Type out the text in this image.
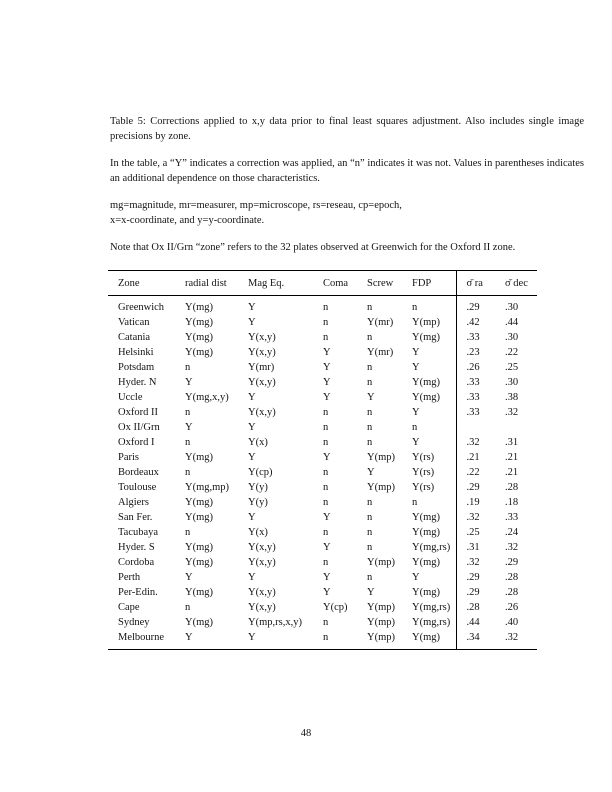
Table 5: Corrections applied to x,y data prior to final least squares adjustment. Also includes single image precisions by zone.

In the table, a “Y” indicates a correction was applied, an “n” indicates it was not. Values in parentheses indicates an additional dependence on those characteristics.

mg=magnitude, mr=measurer, mp=microscope, rs=reseau, cp=epoch,

x=x-coordinate, and y=y-coordinate.

Note that Ox II/Grn “zone” refers to the 32 plates observed at Greenwich for the Oxford II zone.

Zone	radial dist	Mag Eq.	Coma	Screw	FDP	σ̄ ra	σ̄ dec
Greenwich	Y(mg)	Y	n	n	n	.29	.30
Vatican	Y(mg)	Y	n	Y(mr)	Y(mp)	.42	.44
Catania	Y(mg)	Y(x,y)	n	n	Y(mg)	.33	.30
Helsinki	Y(mg)	Y(x,y)	Y	Y(mr)	Y	.23	.22
Potsdam	n	Y(mr)	Y	n	Y	.26	.25
Hyder. N	Y	Y(x,y)	Y	n	Y(mg)	.33	.30
Uccle	Y(mg,x,y)	Y	Y	Y	Y(mg)	.33	.38
Oxford II	n	Y(x,y)	n	n	Y	.33	.32
Ox II/Grn	Y	Y	n	n	n		
Oxford I	n	Y(x)	n	n	Y	.32	.31
Paris	Y(mg)	Y	Y	Y(mp)	Y(rs)	.21	.21
Bordeaux	n	Y(cp)	n	Y	Y(rs)	.22	.21
Toulouse	Y(mg,mp)	Y(y)	n	Y(mp)	Y(rs)	.29	.28
Algiers	Y(mg)	Y(y)	n	n	n	.19	.18
San Fer.	Y(mg)	Y	Y	n	Y(mg)	.32	.33
Tacubaya	n	Y(x)	n	n	Y(mg)	.25	.24
Hyder. S	Y(mg)	Y(x,y)	Y	n	Y(mg,rs)	.31	.32
Cordoba	Y(mg)	Y(x,y)	n	Y(mp)	Y(mg)	.32	.29
Perth	Y	Y	Y	n	Y	.29	.28
Per-Edin.	Y(mg)	Y(x,y)	Y	Y	Y(mg)	.29	.28
Cape	n	Y(x,y)	Y(cp)	Y(mp)	Y(mg,rs)	.28	.26
Sydney	Y(mg)	Y(mp,rs,x,y)	n	Y(mp)	Y(mg,rs)	.44	.40
Melbourne	Y	Y	n	Y(mp)	Y(mg)	.34	.32
48
